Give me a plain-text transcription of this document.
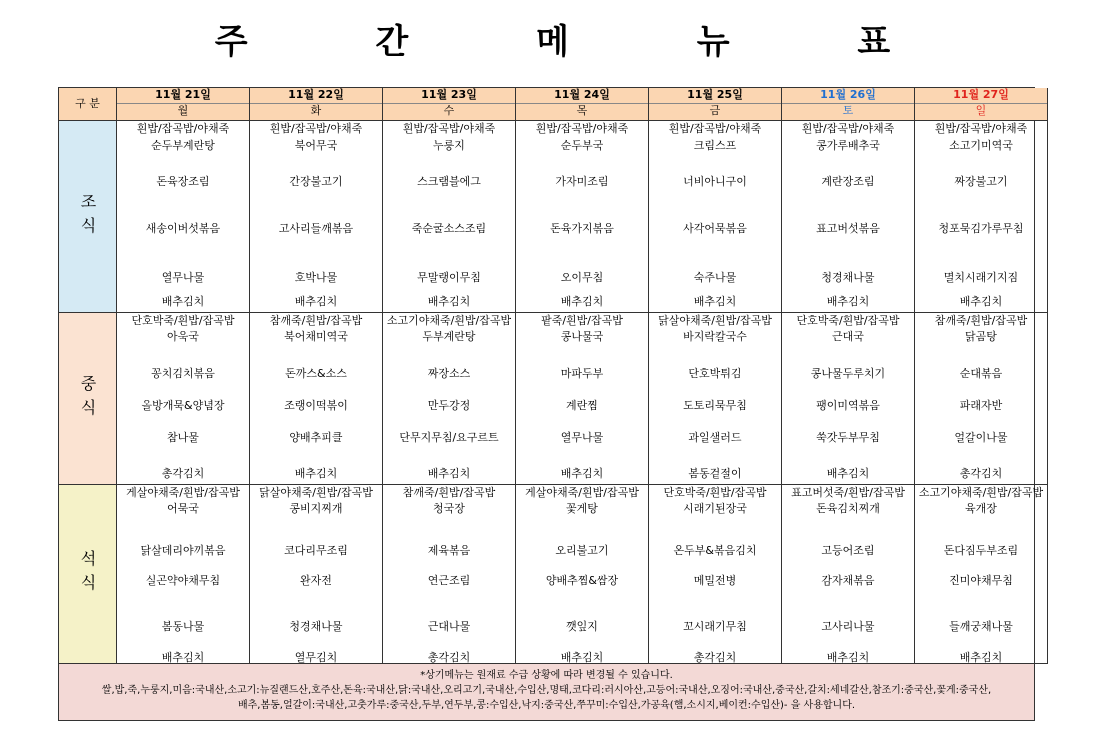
주 간 메 뉴 표
구 분
11월 21일
월
11월 22일
화
11월 23일
수
11월 24일
목
11월 25일
금
11월 26일
토
11월 27일
일
조식
흰밥/잡곡밥/야채죽
순두부계란탕
돈육장조림
새송이버섯볶음
열무나물
배추김치
흰밥/잡곡밥/야채죽
북어무국
간장불고기
고사리들깨볶음
호박나물
배추김치
흰밥/잡곡밥/야채죽
누룽지
스크램블에그
죽순굴소스조림
무말랭이무침
배추김치
흰밥/잡곡밥/야채죽
순두부국
가자미조림
돈육가지볶음
오이무침
배추김치
흰밥/잡곡밥/야채죽
크림스프
너비아니구이
사각어묵볶음
숙주나물
배추김치
흰밥/잡곡밥/야채죽
콩가루배추국
계란장조림
표고버섯볶음
청경채나물
배추김치
흰밥/잡곡밥/야채죽
소고기미역국
짜장불고기
청포묵김가루무침
멸치시래기지짐
배추김치
중식
단호박죽/흰밥/잡곡밥
아욱국
꽁치김치볶음
올방개묵&양념장
참나물
총각김치
참깨죽/흰밥/잡곡밥
북어채미역국
돈까스&소스
조랭이떡볶이
양배추피클
배추김치
소고기야채죽/흰밥/잡곡밥
두부계란탕
짜장소스
만두강정
단무지무침/요구르트
배추김치
팥죽/흰밥/잡곡밥
콩나물국
마파두부
계란찜
열무나물
배추김치
닭살야채죽/흰밥/잡곡밥
바지락칼국수
단호박튀김
도토리묵무침
과일샐러드
봄동겉절이
단호박죽/흰밥/잡곡밥
근대국
콩나물두루치기
팽이미역볶음
쑥갓두부무침
배추김치
참깨죽/흰밥/잡곡밥
닭곰탕
순대볶음
파래자반
얼갈이나물
총각김치
석식
게살야채죽/흰밥/잡곡밥
어묵국
닭살데리야끼볶음
실곤약야채무침
봄동나물
배추김치
닭살야채죽/흰밥/잡곡밥
콩비지찌개
코다리무조림
완자전
청경채나물
열무김치
참깨죽/흰밥/잡곡밥
청국장
제육볶음
연근조림
근대나물
총각김치
게살야채죽/흰밥/잡곡밥
꽃게탕
오리불고기
양배추찜&쌈장
깻잎지
배추김치
단호박죽/흰밥/잡곡밥
시래기된장국
온두부&볶음김치
메밀전병
꼬시래기무침
총각김치
표고버섯죽/흰밥/잡곡밥
돈육김치찌개
고등어조림
감자채볶음
고사리나물
배추김치
소고기야채죽/흰밥/잡곡밥
육개장
돈다짐두부조림
진미야채무침
들깨궁채나물
배추김치
*상기메뉴는 원재료 수급 상황에 따라 변경될 수 있습니다.
쌀,밥,죽,누룽지,미음:국내산,소고기:뉴질랜드산,호주산,돈육:국내산,닭:국내산,오리고기,국내산,수입산,명태,코다리:러시아산,고등어:국내산,오징어:국내산,중국산,갈치:세네갈산,참조기:중국산,꽃게:중국산,
배추,봄동,얼갈이:국내산,고춧가루:중국산,두부,연두부,콩:수입산,낙지:중국산,쭈꾸미:수입산,가공육(햄,소시지,베이컨:수입산)- 을 사용합니다.
